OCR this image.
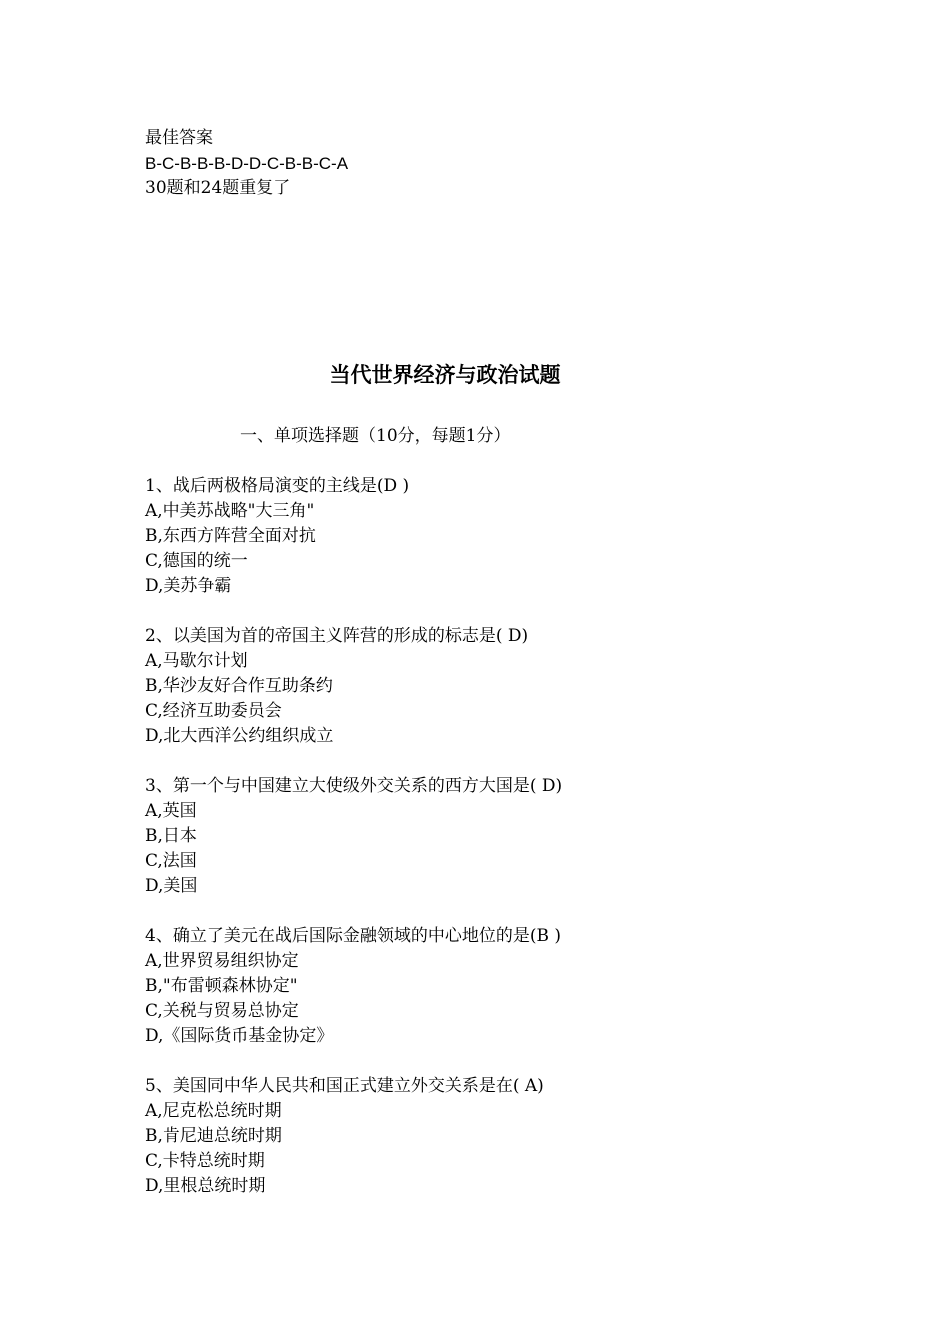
最佳答案
B-C-B-B-B-D-D-C-B-B-C-A
30题和24题重复了
当代世界经济与政治试题
一、单项选择题（10分，每题1分）
1、战后两极格局演变的主线是(D )
A,中美苏战略"大三角"
B,东西方阵营全面对抗
C,德国的统一
D,美苏争霸
2、以美国为首的帝国主义阵营的形成的标志是( D)
A,马歇尔计划
B,华沙友好合作互助条约
C,经济互助委员会
D,北大西洋公约组织成立
3、第一个与中国建立大使级外交关系的西方大国是( D)
A,英国
B,日本
C,法国
D,美国
4、确立了美元在战后国际金融领域的中心地位的是(B )
A,世界贸易组织协定
B,"布雷顿森林协定"
C,关税与贸易总协定
D,《国际货币基金协定》
5、美国同中华人民共和国正式建立外交关系是在( A)
A,尼克松总统时期
B,肯尼迪总统时期
C,卡特总统时期
D,里根总统时期
